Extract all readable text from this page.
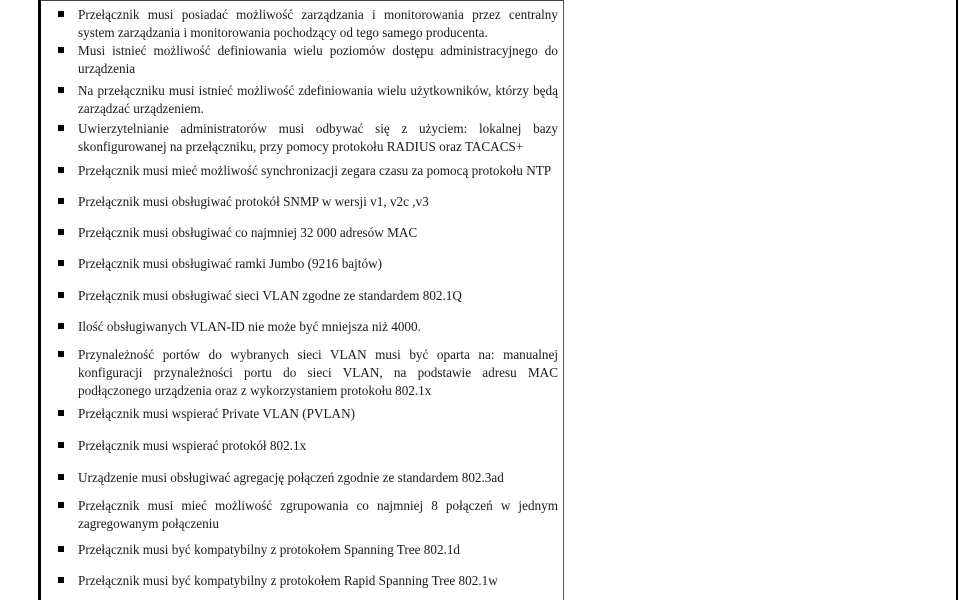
Przełącznik musi posiadać możliwość zarządzania i monitorowania przez centralny
system zarządzania i monitorowania pochodzący od tego samego producenta.
Musi istnieć możliwość definiowania wielu poziomów dostępu administracyjnego do
urządzenia
Na przełączniku musi istnieć możliwość zdefiniowania wielu użytkowników, którzy będą
zarządzać urządzeniem.
Uwierzytelnianie administratorów musi odbywać się z użyciem: lokalnej bazy
skonfigurowanej na przełączniku, przy pomocy protokołu RADIUS oraz TACACS+
Przełącznik musi mieć możliwość synchronizacji zegara czasu za pomocą protokołu NTP
Przełącznik musi obsługiwać protokół SNMP w wersji v1, v2c ,v3
Przełącznik musi obsługiwać co najmniej 32 000 adresów MAC
Przełącznik musi obsługiwać ramki Jumbo (9216 bajtów)
Przełącznik musi obsługiwać sieci VLAN zgodne ze standardem 802.1Q
Ilość obsługiwanych VLAN-ID nie może być mniejsza niż 4000.
Przynależność portów do wybranych sieci VLAN musi być oparta na: manualnej
konfiguracji przynależności portu do sieci VLAN, na podstawie adresu MAC
podłączonego urządzenia oraz z wykorzystaniem protokołu 802.1x
Przełącznik musi wspierać Private VLAN (PVLAN)
Przełącznik musi wspierać protokół 802.1x
Urządzenie musi obsługiwać agregację połączeń zgodnie ze standardem 802.3ad
Przełącznik musi mieć możliwość zgrupowania co najmniej 8 połączeń w jednym
zagregowanym połączeniu
Przełącznik musi być kompatybilny z protokołem Spanning Tree 802.1d
Przełącznik musi być kompatybilny z protokołem Rapid Spanning Tree 802.1w
